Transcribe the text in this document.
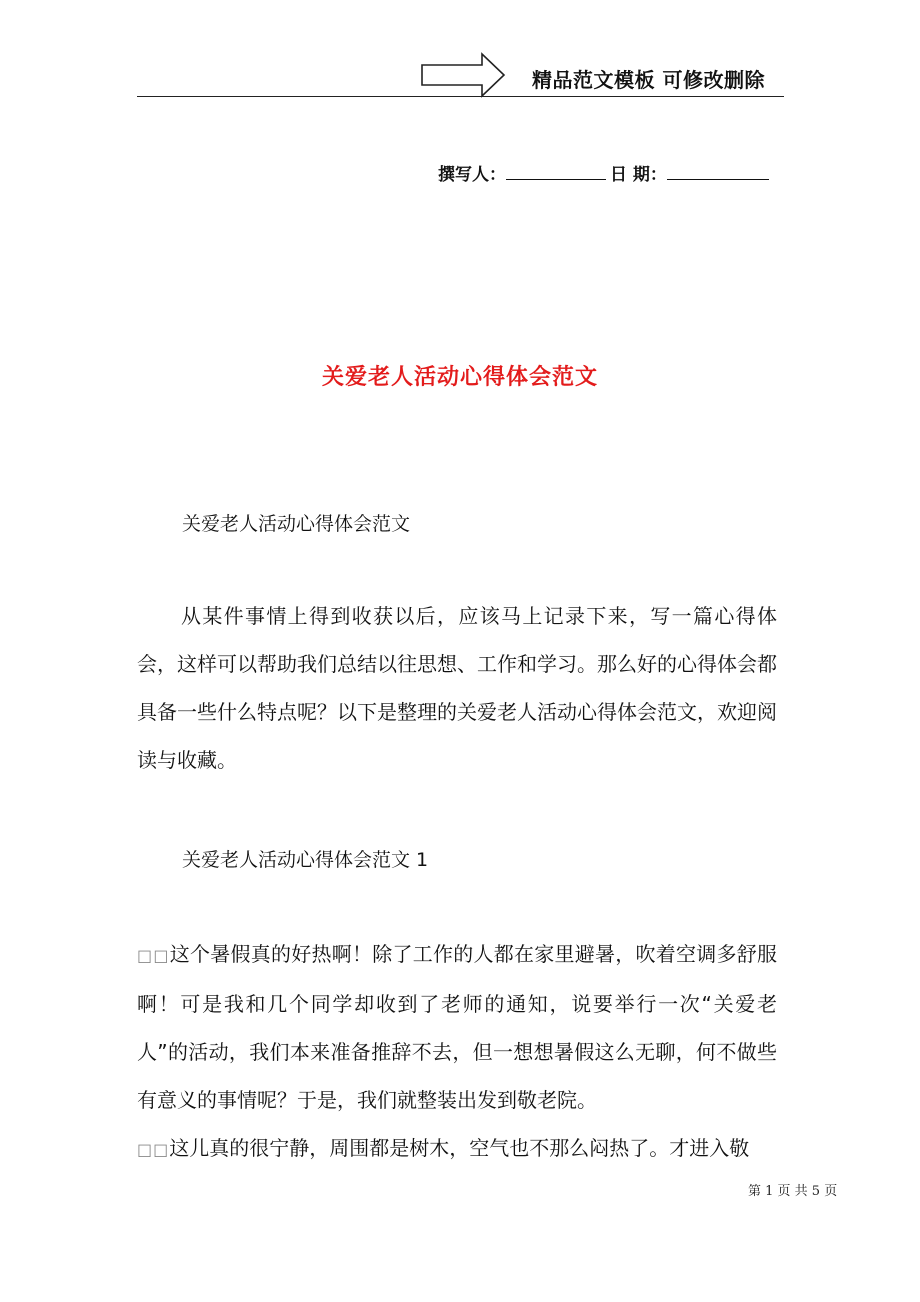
精品范文模板 可修改删除
撰写人：	日 期：
关爱老人活动心得体会范文
关爱老人活动心得体会范文
从某件事情上得到收获以后，应该马上记录下来，写一篇心得体会，这样可以帮助我们总结以往思想、工作和学习。那么好的心得体会都具备一些什么特点呢？以下是整理的关爱老人活动心得体会范文，欢迎阅读与收藏。
关爱老人活动心得体会范文 1
□□这个暑假真的好热啊！除了工作的人都在家里避暑，吹着空调多舒服啊！可是我和几个同学却收到了老师的通知，说要举行一次“关爱老人”的活动，我们本来准备推辞不去，但一想想暑假这么无聊，何不做些有意义的事情呢？于是，我们就整装出发到敬老院。
□□这儿真的很宁静，周围都是树木，空气也不那么闷热了。才进入敬
第 1 页 共 5 页
